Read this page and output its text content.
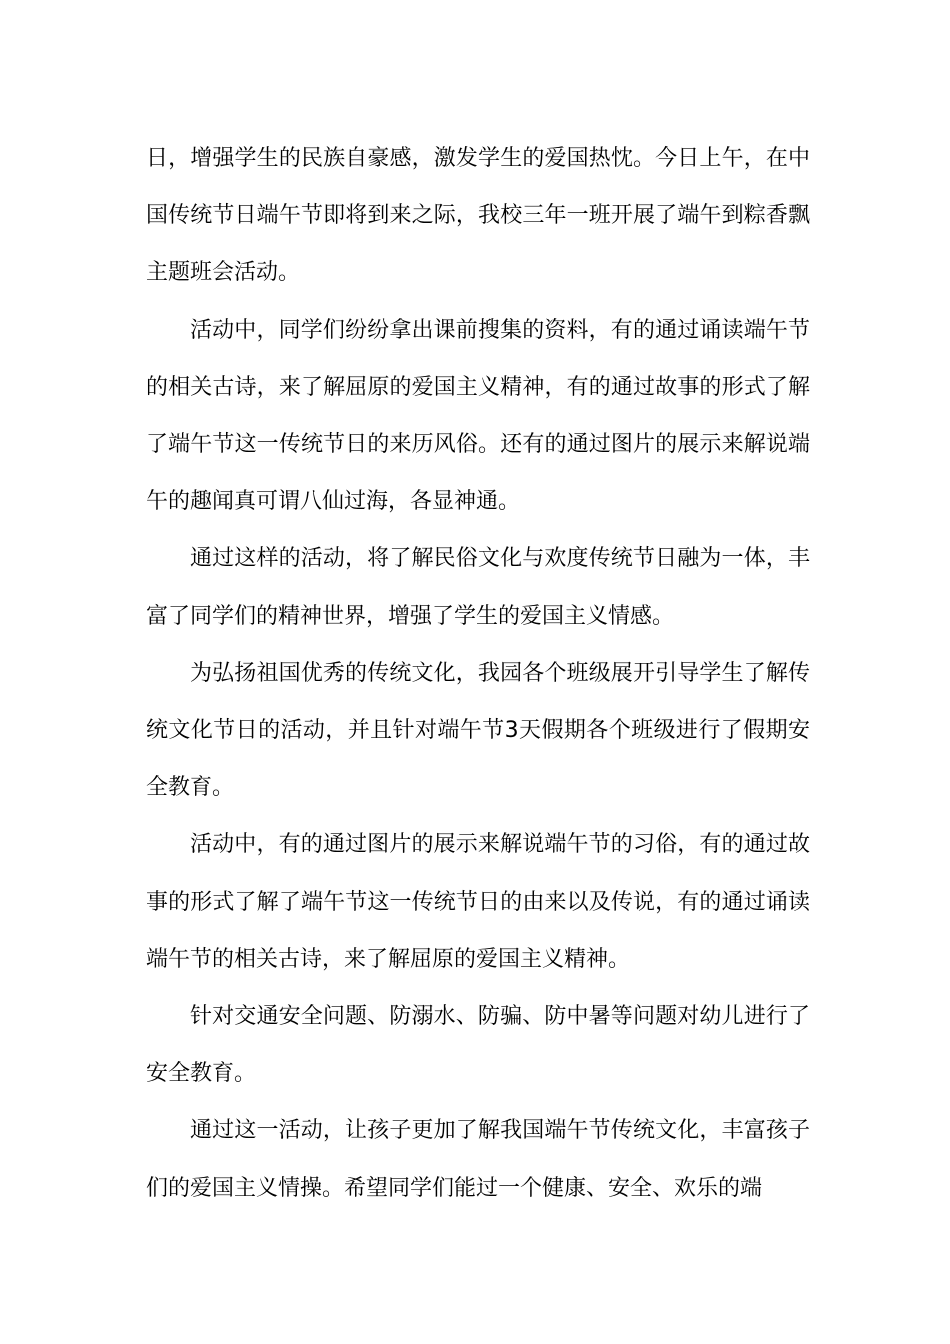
日，增强学生的民族自豪感，激发学生的爱国热忱。今日上午，在中国传统节日端午节即将到来之际，我校三年一班开展了端午到粽香飘主题班会活动。

活动中，同学们纷纷拿出课前搜集的资料，有的通过诵读端午节的相关古诗，来了解屈原的爱国主义精神，有的通过故事的形式了解了端午节这一传统节日的来历风俗。还有的通过图片的展示来解说端午的趣闻真可谓八仙过海，各显神通。

通过这样的活动，将了解民俗文化与欢度传统节日融为一体，丰富了同学们的精神世界，增强了学生的爱国主义情感。

为弘扬祖国优秀的传统文化，我园各个班级展开引导学生了解传统文化节日的活动，并且针对端午节3天假期各个班级进行了假期安全教育。

活动中，有的通过图片的展示来解说端午节的习俗，有的通过故事的形式了解了端午节这一传统节日的由来以及传说，有的通过诵读端午节的相关古诗，来了解屈原的爱国主义精神。

针对交通安全问题、防溺水、防骗、防中暑等问题对幼儿进行了安全教育。

通过这一活动，让孩子更加了解我国端午节传统文化，丰富孩子们的爱国主义情操。希望同学们能过一个健康、安全、欢乐的端
